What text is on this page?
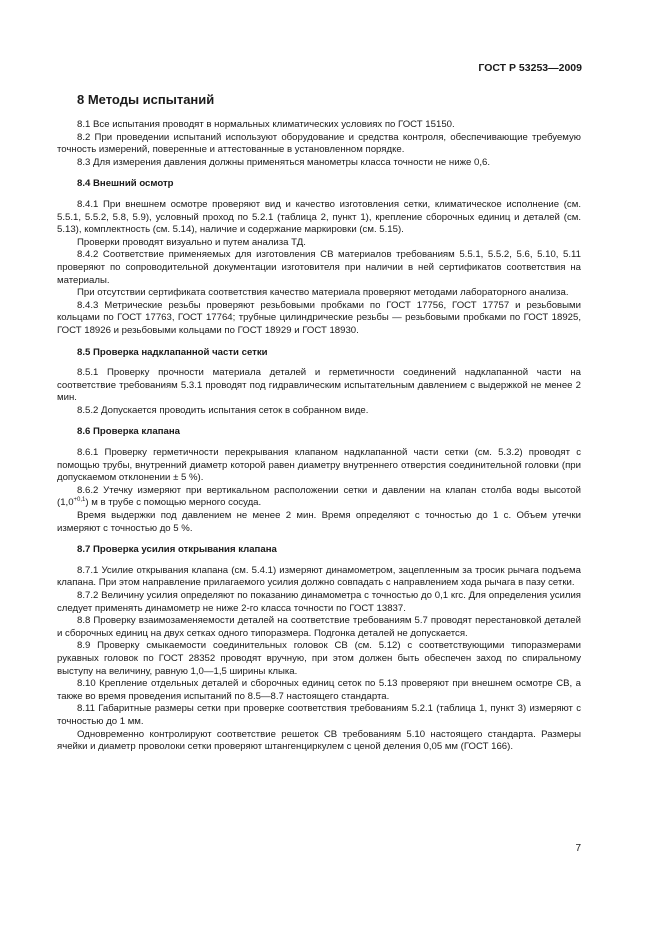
ГОСТ Р 53253—2009
8 Методы испытаний

8.1 Все испытания проводят в нормальных климатических условиях по ГОСТ 15150.

8.2 При проведении испытаний используют оборудование и средства контроля, обеспечивающие требуемую точность измерений, поверенные и аттестованные в установленном порядке.

8.3 Для измерения давления должны применяться манометры класса точности не ниже 0,6.

8.4 Внешний осмотр

8.4.1 При внешнем осмотре проверяют вид и качество изготовления сетки, климатическое исполнение (см. 5.5.1, 5.5.2, 5.8, 5.9), условный проход по 5.2.1 (таблица 2, пункт 1), крепление сборочных единиц и деталей (см. 5.13), комплектность (см. 5.14), наличие и содержание маркировки (см. 5.15).

Проверки проводят визуально и путем анализа ТД.

8.4.2 Соответствие применяемых для изготовления СВ материалов требованиям 5.5.1, 5.5.2, 5.6, 5.10, 5.11 проверяют по сопроводительной документации изготовителя при наличии в ней сертификатов соответствия на материалы.

При отсутствии сертификата соответствия качество материала проверяют методами лабораторного анализа.

8.4.3 Метрические резьбы проверяют резьбовыми пробками по ГОСТ 17756, ГОСТ 17757 и резьбовыми кольцами по ГОСТ 17763, ГОСТ 17764; трубные цилиндрические резьбы — резьбовыми пробками по ГОСТ 18925, ГОСТ 18926 и резьбовыми кольцами по ГОСТ 18929 и ГОСТ 18930.

8.5 Проверка надклапанной части сетки

8.5.1 Проверку прочности материала деталей и герметичности соединений надклапанной части на соответствие требованиям 5.3.1 проводят под гидравлическим испытательным давлением с выдержкой не менее 2 мин.

8.5.2 Допускается проводить испытания сеток в собранном виде.

8.6 Проверка клапана

8.6.1 Проверку герметичности перекрывания клапаном надклапанной части сетки (см. 5.3.2) проводят с помощью трубы, внутренний диаметр которой равен диаметру внутреннего отверстия соединительной головки (при допускаемом отклонении ± 5 %).

8.6.2 Утечку измеряют при вертикальном расположении сетки и давлении на клапан столба воды высотой $(1,0^{+0,1})$ м в трубе с помощью мерного сосуда.

Время выдержки под давлением не менее 2 мин. Время определяют с точностью до 1 с. Объем утечки измеряют с точностью до 5 %.

8.7 Проверка усилия открывания клапана

8.7.1 Усилие открывания клапана (см. 5.4.1) измеряют динамометром, зацепленным за тросик рычага подъема клапана. При этом направление прилагаемого усилия должно совпадать с направлением хода рычага в пазу сетки.

8.7.2 Величину усилия определяют по показанию динамометра с точностью до 0,1 кгс. Для определения усилия следует применять динамометр не ниже 2-го класса точности по ГОСТ 13837.

8.8 Проверку взаимозаменяемости деталей на соответствие требованиям 5.7 проводят перестановкой деталей и сборочных единиц на двух сетках одного типоразмера. Подгонка деталей не допускается.

8.9 Проверку смыкаемости соединительных головок СВ (см. 5.12) с соответствующими типоразмерами рукавных головок по ГОСТ 28352 проводят вручную, при этом должен быть обеспечен заход по спиральному выступу на величину, равную 1,0—1,5 ширины клыка.

8.10 Крепление отдельных деталей и сборочных единиц сеток по 5.13 проверяют при внешнем осмотре СВ, а также во время проведения испытаний по 8.5—8.7 настоящего стандарта.

8.11 Габаритные размеры сетки при проверке соответствия требованиям 5.2.1 (таблица 1, пункт 3) измеряют с точностью до 1 мм.

Одновременно контролируют соответствие решеток СВ требованиям 5.10 настоящего стандарта. Размеры ячейки и диаметр проволоки сетки проверяют штангенциркулем с ценой деления 0,05 мм (ГОСТ 166).

7
